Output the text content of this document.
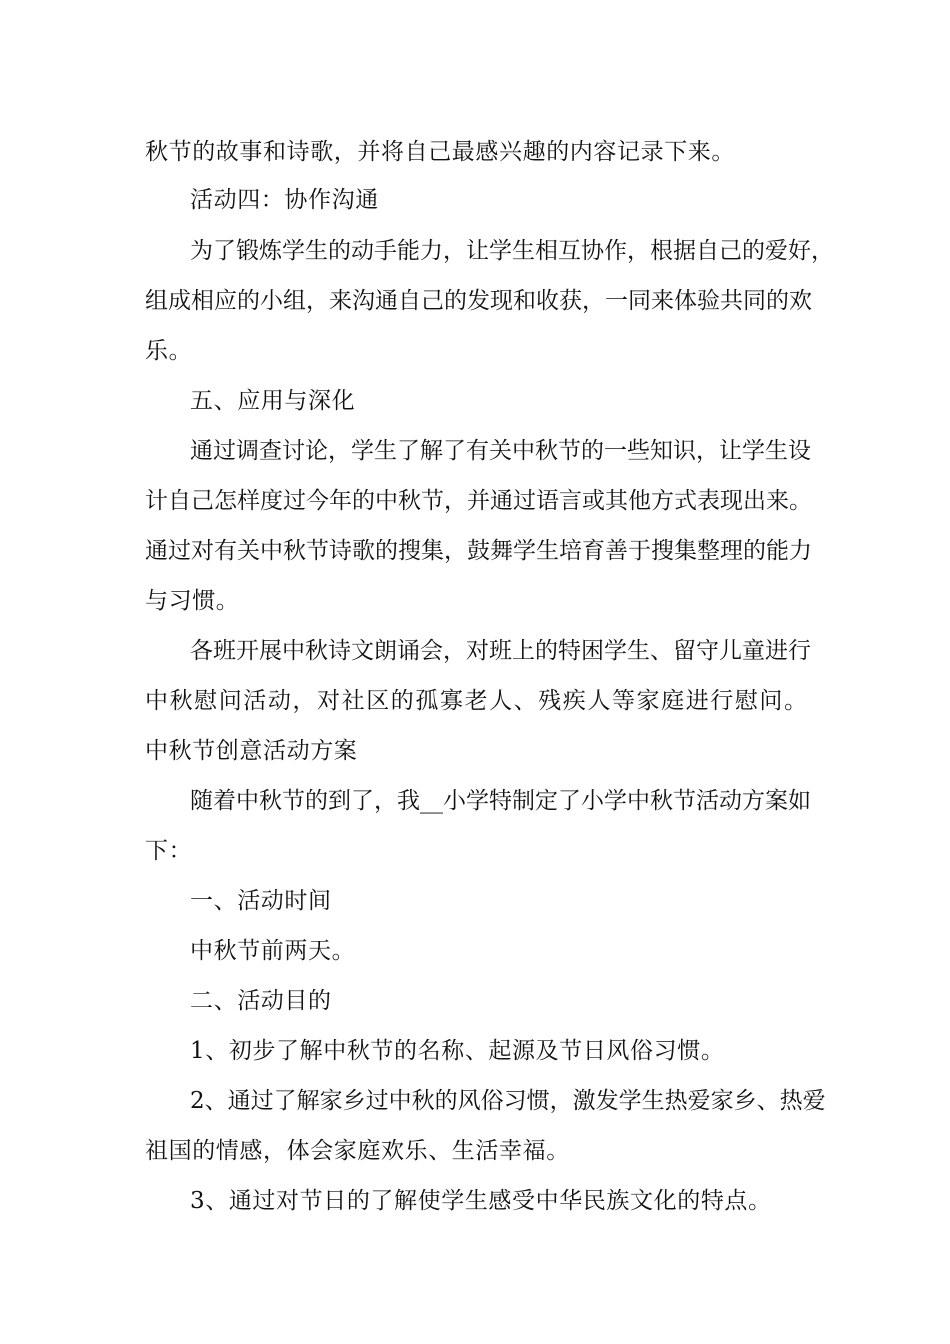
秋节的故事和诗歌，并将自己最感兴趣的内容记录下来。
活动四：协作沟通
为了锻炼学生的动手能力，让学生相互协作，根据自己的爱好，
组成相应的小组，来沟通自己的发现和收获，一同来体验共同的欢
乐。
五、应用与深化
通过调查讨论，学生了解了有关中秋节的一些知识，让学生设
计自己怎样度过今年的中秋节，并通过语言或其他方式表现出来。
通过对有关中秋节诗歌的搜集，鼓舞学生培育善于搜集整理的能力
与习惯。
各班开展中秋诗文朗诵会，对班上的特困学生、留守儿童进行
中秋慰问活动，对社区的孤寡老人、残疾人等家庭进行慰问。
中秋节创意活动方案
随着中秋节的到了，我__小学特制定了小学中秋节活动方案如
下：
一、活动时间
中秋节前两天。
二、活动目的
1、初步了解中秋节的名称、起源及节日风俗习惯。
2、通过了解家乡过中秋的风俗习惯，激发学生热爱家乡、热爱
祖国的情感，体会家庭欢乐、生活幸福。
3、通过对节日的了解使学生感受中华民族文化的特点。
